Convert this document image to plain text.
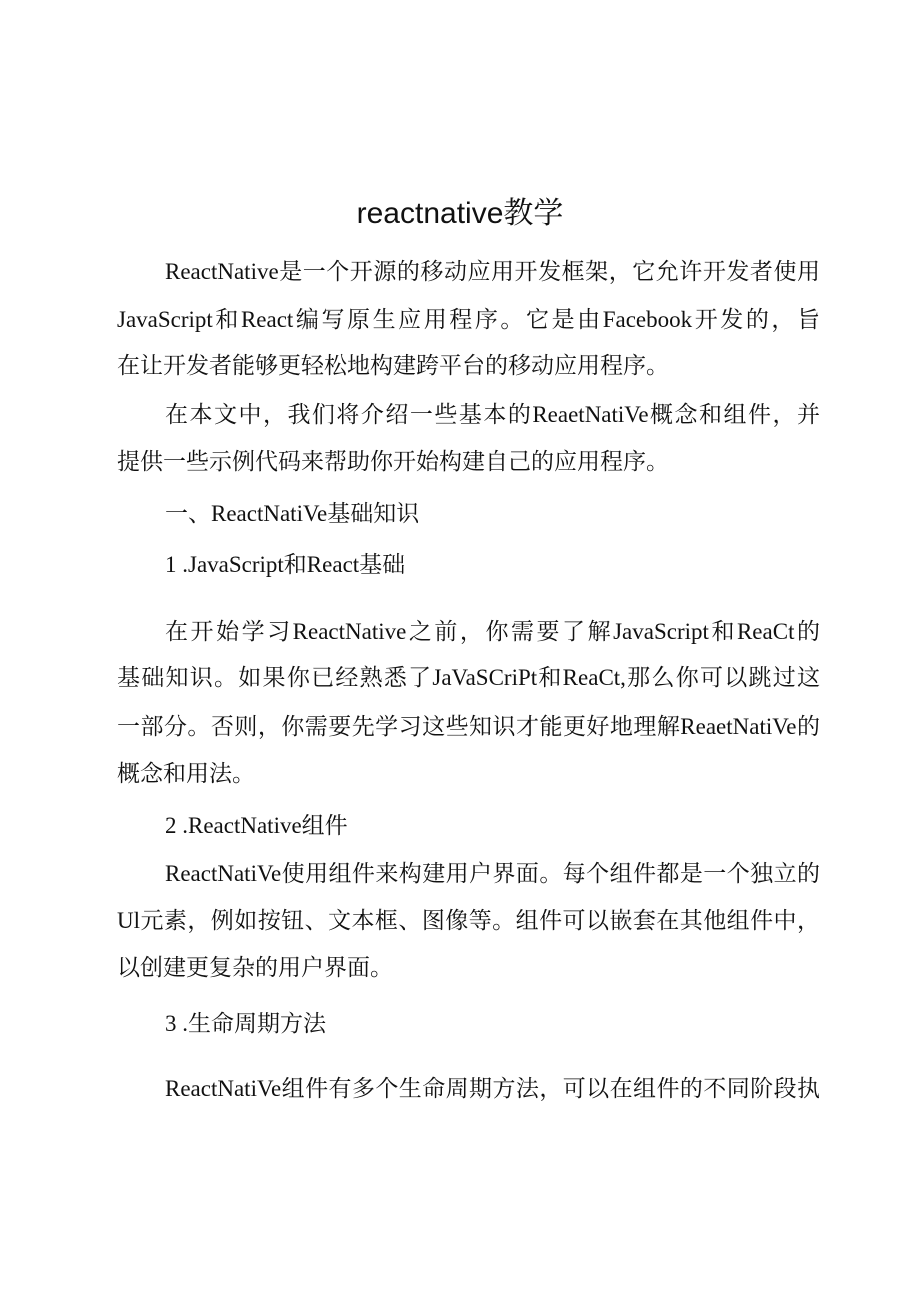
reactnative教学
ReactNative是一个开源的移动应用开发框架，它允许开发者使用
JavaScript和React编写原生应用程序。它是由Facebook开发的，旨
在让开发者能够更轻松地构建跨平台的移动应用程序。
在本文中，我们将介绍一些基本的ReaetNatiVe概念和组件，并
提供一些示例代码来帮助你开始构建自己的应用程序。
一、ReactNatiVe基础知识
1 .JavaScript和React基础
在开始学习ReactNative之前，你需要了解JavaScript和ReaCt的
基础知识。如果你已经熟悉了JaVaSCriPt和ReaCt,那么你可以跳过这
一部分。否则，你需要先学习这些知识才能更好地理解ReaetNatiVe的
概念和用法。
2 .ReactNative组件
ReactNatiVe使用组件来构建用户界面。每个组件都是一个独立的
Ul元素，例如按钮、文本框、图像等。组件可以嵌套在其他组件中，
以创建更复杂的用户界面。
3 .生命周期方法
ReactNatiVe组件有多个生命周期方法，可以在组件的不同阶段执
